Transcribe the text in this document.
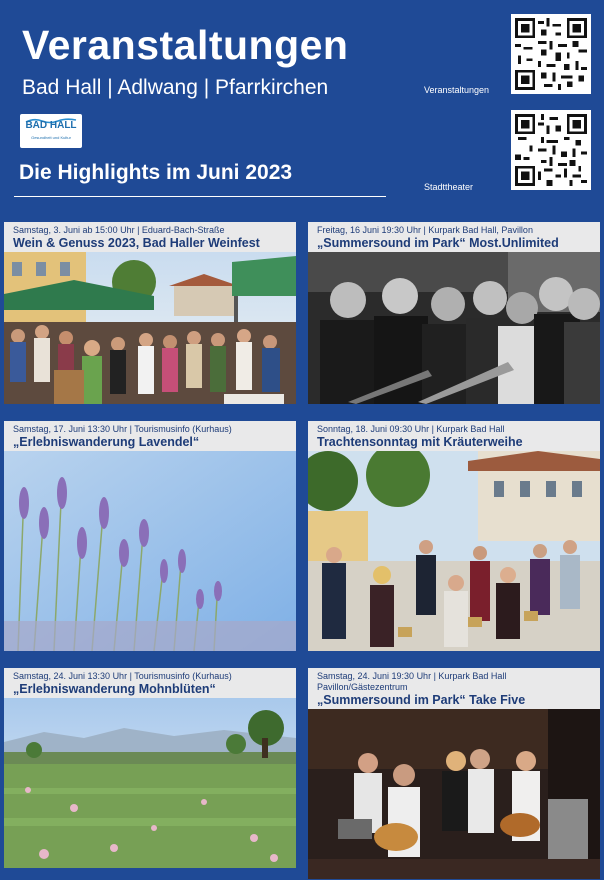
Veranstaltungen
Bad Hall | Adlwang | Pfarrkirchen
BAD HALL
Gesundheit und Kultur
Die Highlights im Juni 2023
Veranstaltungen
Stadttheater
Samstag, 3. Juni ab 15:00 Uhr | Eduard-Bach-Straße
Wein & Genuss 2023, Bad Haller Weinfest
Freitag, 16 Juni 19:30 Uhr | Kurpark Bad Hall, Pavillon
„Summersound im Park“ Most.Unlimited
Samstag, 17. Juni 13:30 Uhr | Tourismusinfo (Kurhaus)
„Erlebniswanderung Lavendel“
Sonntag, 18. Juni 09:30 Uhr | Kurpark Bad Hall
Trachtensonntag mit Kräuterweihe
Samstag, 24. Juni 13:30 Uhr | Tourismusinfo (Kurhaus)
„Erlebniswanderung Mohnblüten“
Samstag, 24. Juni 19:30 Uhr | Kurpark Bad Hall
Pavillon/Gästezentrum
„Summersound im Park“ Take Five
